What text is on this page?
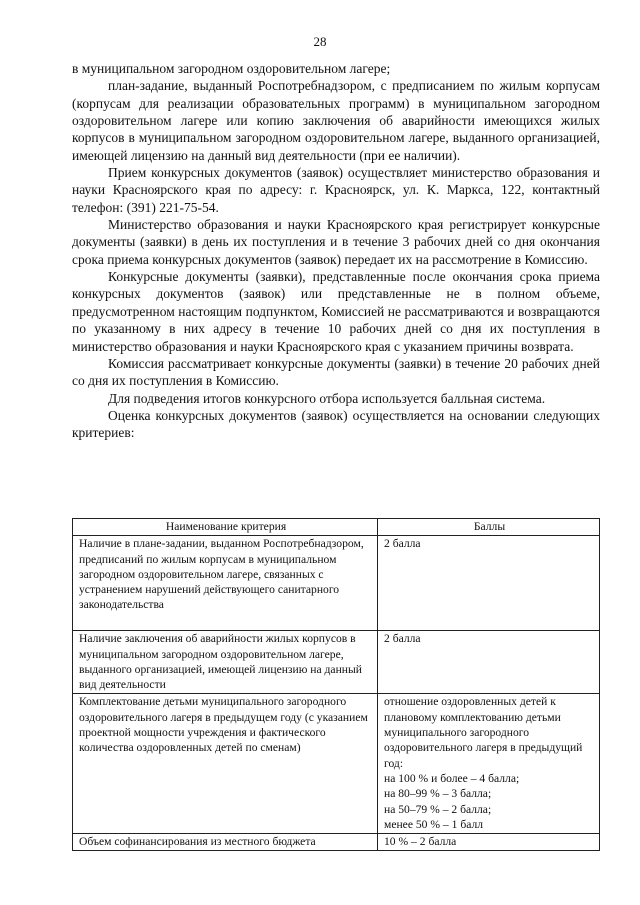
28

в муниципальном загородном оздоровительном лагере;

план-задание, выданный Роспотребнадзором, с предписанием по жилым корпусам (корпусам для реализации образовательных программ) в муниципальном загородном оздоровительном лагере или копию заключения об аварийности имеющихся жилых корпусов в муниципальном загородном оздоровительном лагере, выданного организацией, имеющей лицензию на данный вид деятельности (при ее наличии).

Прием конкурсных документов (заявок) осуществляет министерство образования и науки Красноярского края по адресу: г. Красноярск, ул. К. Маркса, 122, контактный телефон: (391) 221-75-54.

Министерство образования и науки Красноярского края регистрирует конкурсные документы (заявки) в день их поступления и в течение 3 рабочих дней со дня окончания срока приема конкурсных документов (заявок) передает их на рассмотрение в Комиссию.

Конкурсные документы (заявки), представленные после окончания срока приема конкурсных документов (заявок) или представленные не в полном объеме, предусмотренном настоящим подпунктом, Комиссией не рассматриваются и возвращаются по указанному в них адресу в течение 10 рабочих дней со дня их поступления в министерство образования и науки Красноярского края с указанием причины возврата.

Комиссия рассматривает конкурсные документы (заявки) в течение 20 рабочих дней со дня их поступления в Комиссию.

Для подведения итогов конкурсного отбора используется балльная система.

Оценка конкурсных документов (заявок) осуществляется на основании следующих критериев:

Наименование критерия	Баллы
Наличие в плане-задании, выданном Роспотребнадзором, предписаний по жилым корпусам в муниципальном загородном оздоровительном лагере, связанных с устранением нарушений действующего санитарного законодательства	2 балла

Наличие заключения об аварийности жилых корпусов в муниципальном загородном оздоровительном лагере, выданного организацией, имеющей лицензию на данный вид деятельности	2 балла

Комплектование детьми муниципального загородного оздоровительного лагеря в предыдущем году (с указанием проектной мощности учреждения и фактического количества оздоровленных детей по сменам)	отношение оздоровленных детей к плановому комплектованию детьми муниципального загородного оздоровительного лагеря в предыдущий год:
на 100 % и более – 4 балла;
на 80–99 % – 3 балла;
на 50–79 % – 2 балла;
менее 50 % – 1 балл

Объем софинансирования из местного бюджета	10 % – 2 балла
